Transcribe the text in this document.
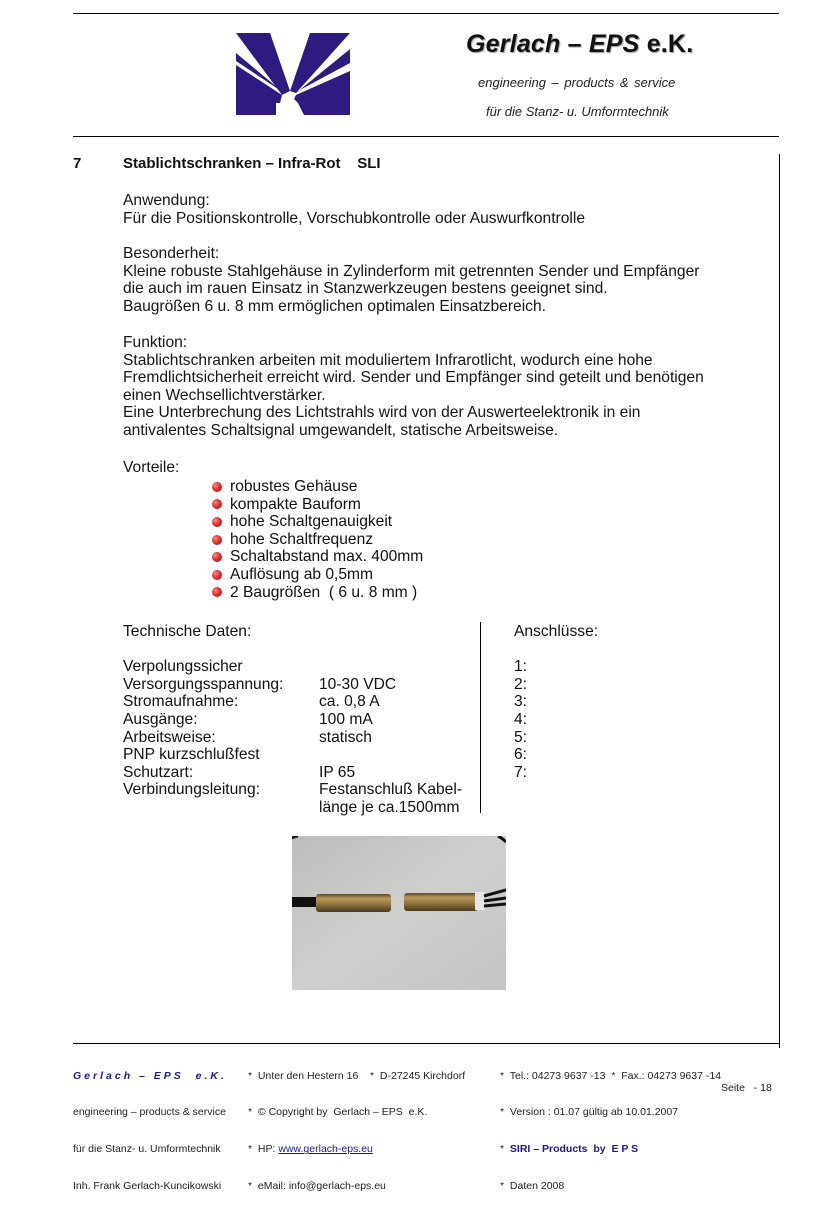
Gerlach – EPS e.K.
engineering – products & service
für die Stanz- u. Umformtechnik
7	Stablichtschranken – Infra-Rot    SLI
Anwendung:
Für die Positionskontrolle, Vorschubkontrolle oder Auswurfkontrolle
Besonderheit:
Kleine robuste Stahlgehäuse in Zylinderform mit getrennten Sender und Empfänger
die auch im rauen Einsatz in Stanzwerkzeugen bestens geeignet sind.
Baugrößen 6 u. 8 mm ermöglichen optimalen Einsatzbereich.
Funktion:
Stablichtschranken arbeiten mit moduliertem Infrarotlicht, wodurch eine hohe
Fremdlichtsicherheit erreicht wird. Sender und Empfänger sind geteilt und benötigen
einen Wechsellichtverstärker.
Eine Unterbrechung des Lichtstrahls wird von der Auswerteelektronik in ein
antivalentes Schaltsignal umgewandelt, statische Arbeitsweise.
Vorteile:
robustes Gehäuse
kompakte Bauform
hohe Schaltgenauigkeit
hohe Schaltfrequenz
Schaltabstand max. 400mm
Auflösung ab 0,5mm
2 Baugrößen  ( 6 u. 8 mm )
Technische Daten:
Verpolungssicher
Versorgungsspannung:	10-30 VDC
Stromaufnahme:	ca. 0,8 A
Ausgänge:	100 mA
Arbeitsweise:	statisch
PNP kurzschlußfest
Schutzart:	IP 65
Verbindungsleitung:	Festanschluß Kabel-
länge je ca.1500mm
Anschlüsse:
1:
2:
3:
4:
5:
6:
7:

Gerlach – EPS  e.K.

engineering – products & service

für die Stanz- u. Umformtechnik

Inh. Frank Gerlach-Kuncikowski

*  Unter den Hestern 16    *  D-27245 Kirchdorf

*  © Copyright by  Gerlach – EPS  e.K.

*  HP: www.gerlach-eps.eu

*  eMail: info@gerlach-eps.eu

*  Tel.: 04273 9637 -13  *  Fax.: 04273 9637 -14

*  Version : 01.07 gültig ab 10.01.2007

*  SIRI – Products  by  E P S

*  Daten 2008

Seite   - 18
